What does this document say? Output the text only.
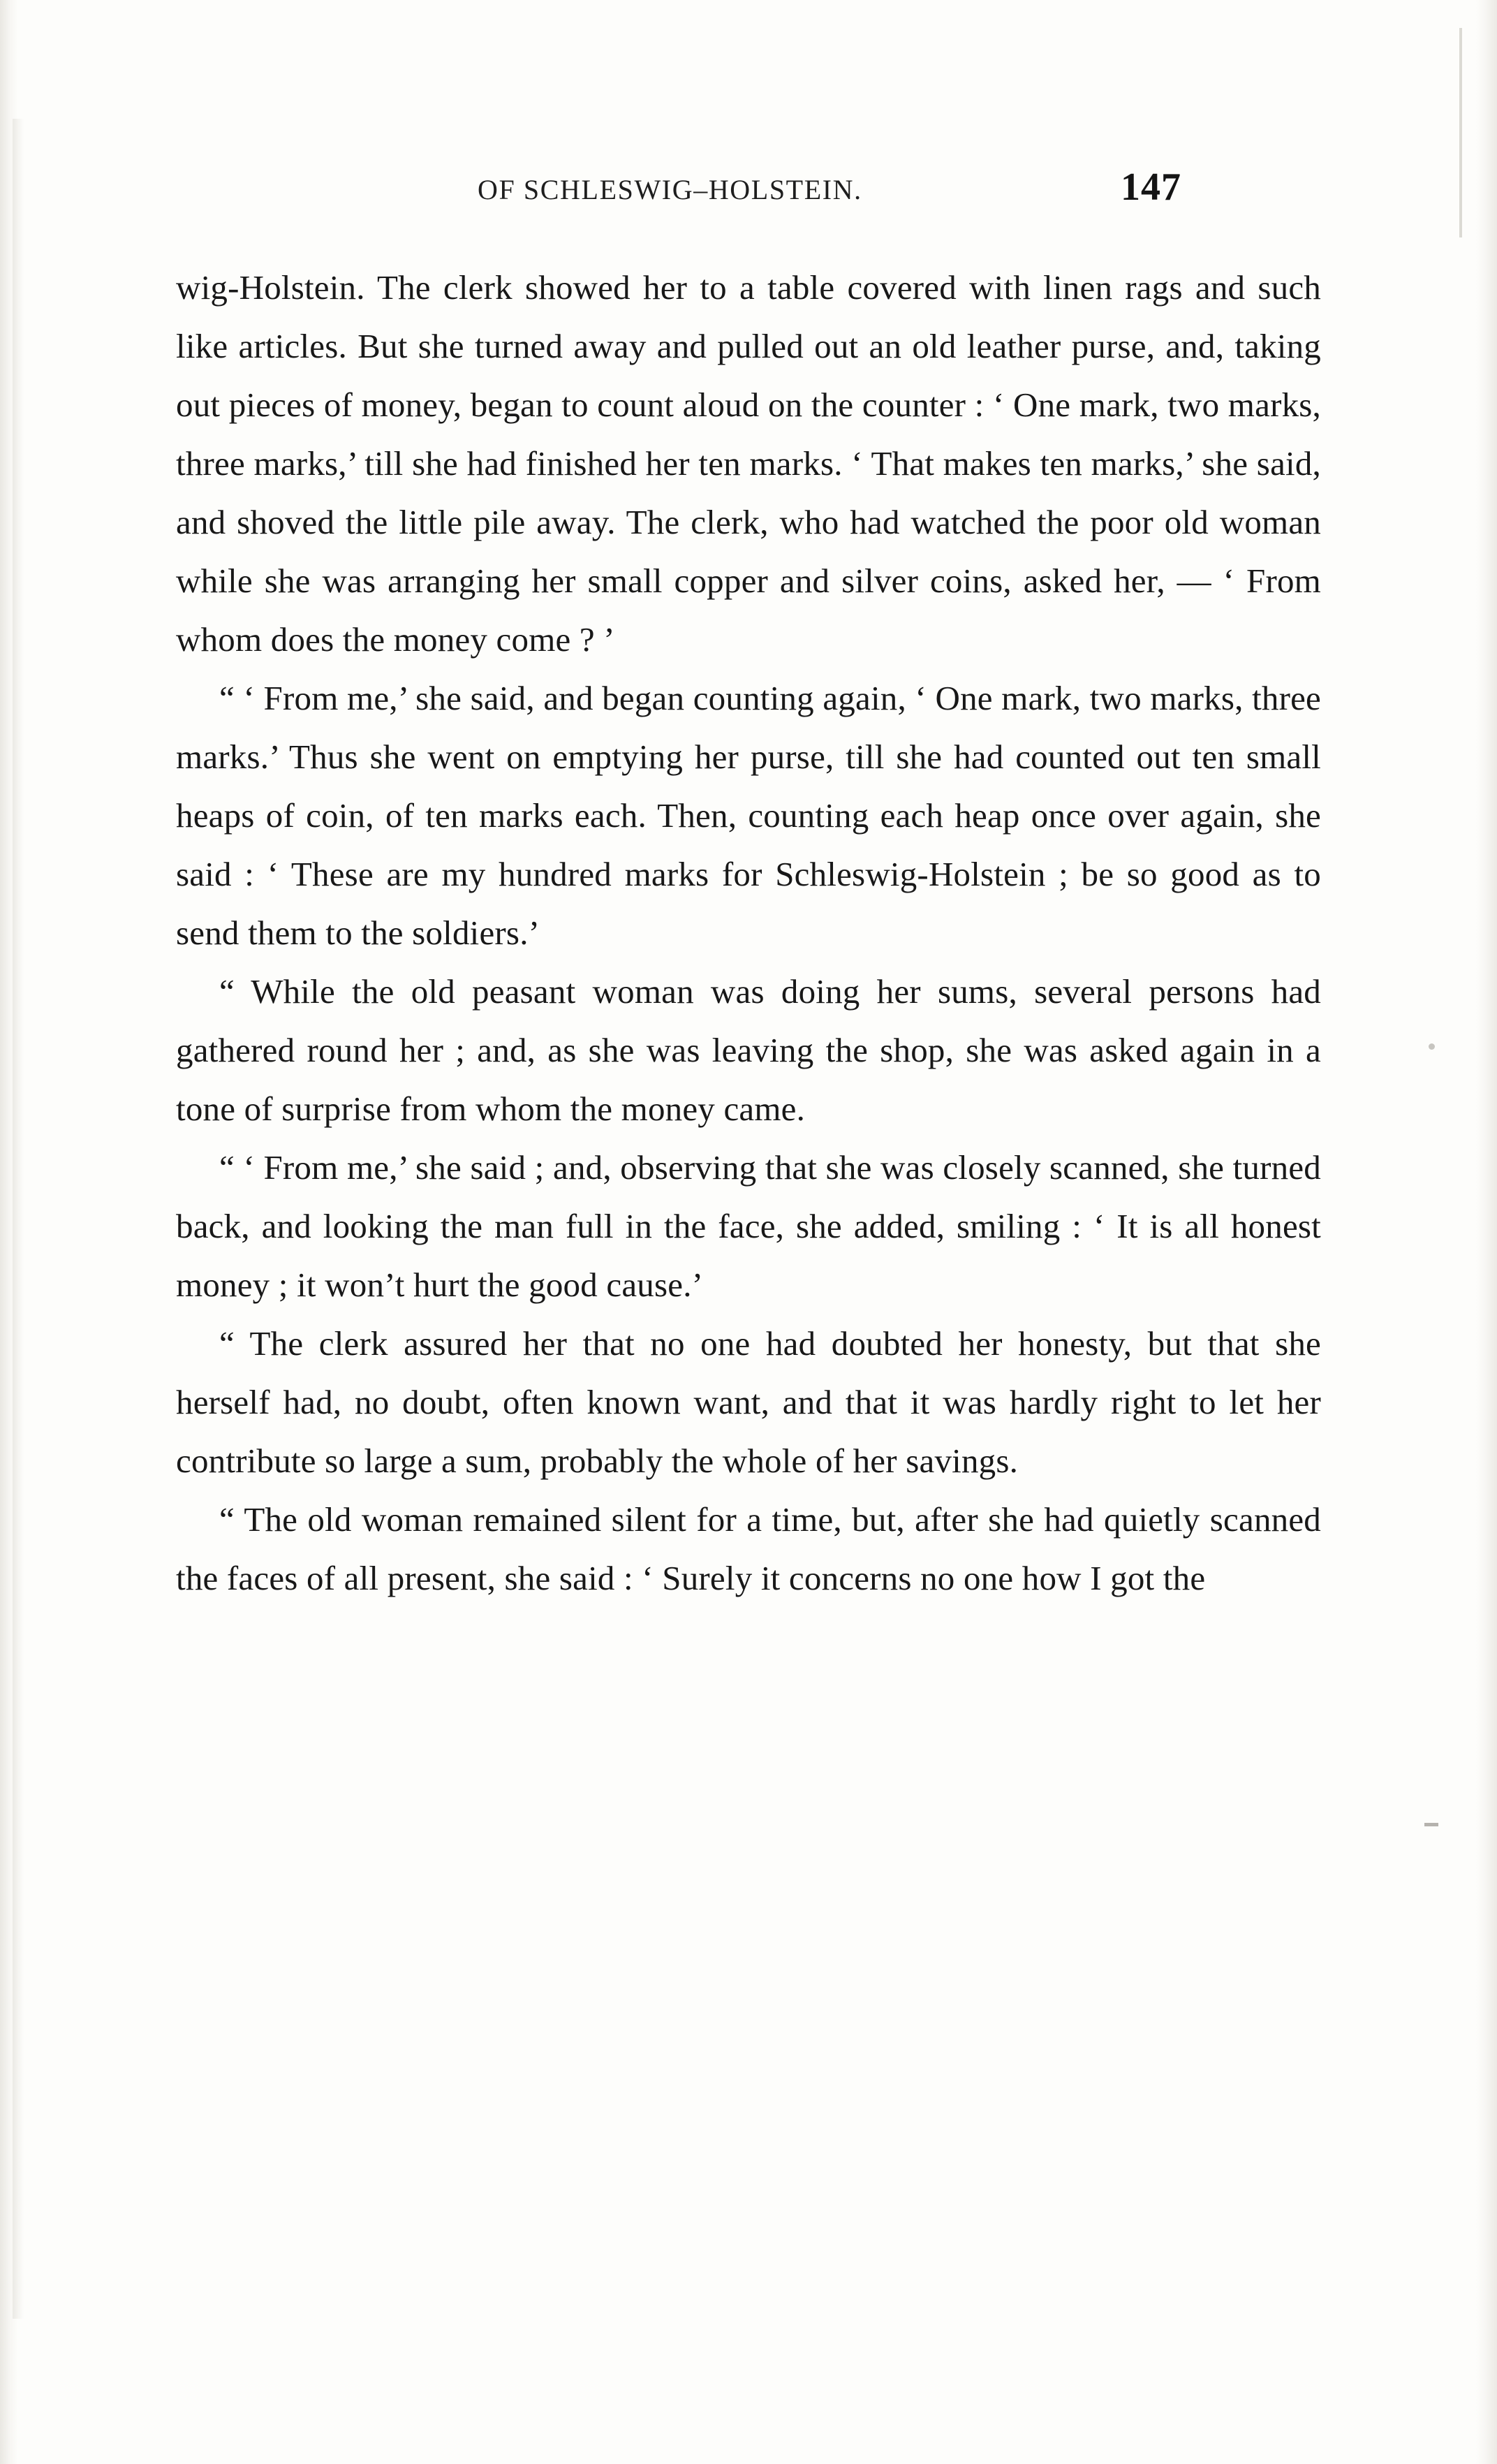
OF SCHLESWIG–HOLSTEIN.	147

wig-Holstein. The clerk showed her to a table covered with linen rags and such like articles. But she turned away and pulled out an old leather purse, and, taking out pieces of money, began to count aloud on the counter : ‘ One mark, two marks, three marks,’ till she had finished her ten marks. ‘ That makes ten marks,’ she said, and shoved the little pile away. The clerk, who had watched the poor old woman while she was arranging her small copper and silver coins, asked her, — ‘ From whom does the money come ? ’

“ ‘ From me,’ she said, and began counting again, ‘ One mark, two marks, three marks.’ Thus she went on emptying her purse, till she had counted out ten small heaps of coin, of ten marks each. Then, counting each heap once over again, she said : ‘ These are my hundred marks for Schleswig-Holstein ; be so good as to send them to the soldiers.’

“ While the old peasant woman was doing her sums, several persons had gathered round her ; and, as she was leaving the shop, she was asked again in a tone of surprise from whom the money came.

“ ‘ From me,’ she said ; and, observing that she was closely scanned, she turned back, and looking the man full in the face, she added, smiling : ‘ It is all honest money ; it won’t hurt the good cause.’

“ The clerk assured her that no one had doubted her honesty, but that she herself had, no doubt, often known want, and that it was hardly right to let her contribute so large a sum, probably the whole of her savings.

“ The old woman remained silent for a time, but, after she had quietly scanned the faces of all present, she said : ‘ Surely it concerns no one how I got the
